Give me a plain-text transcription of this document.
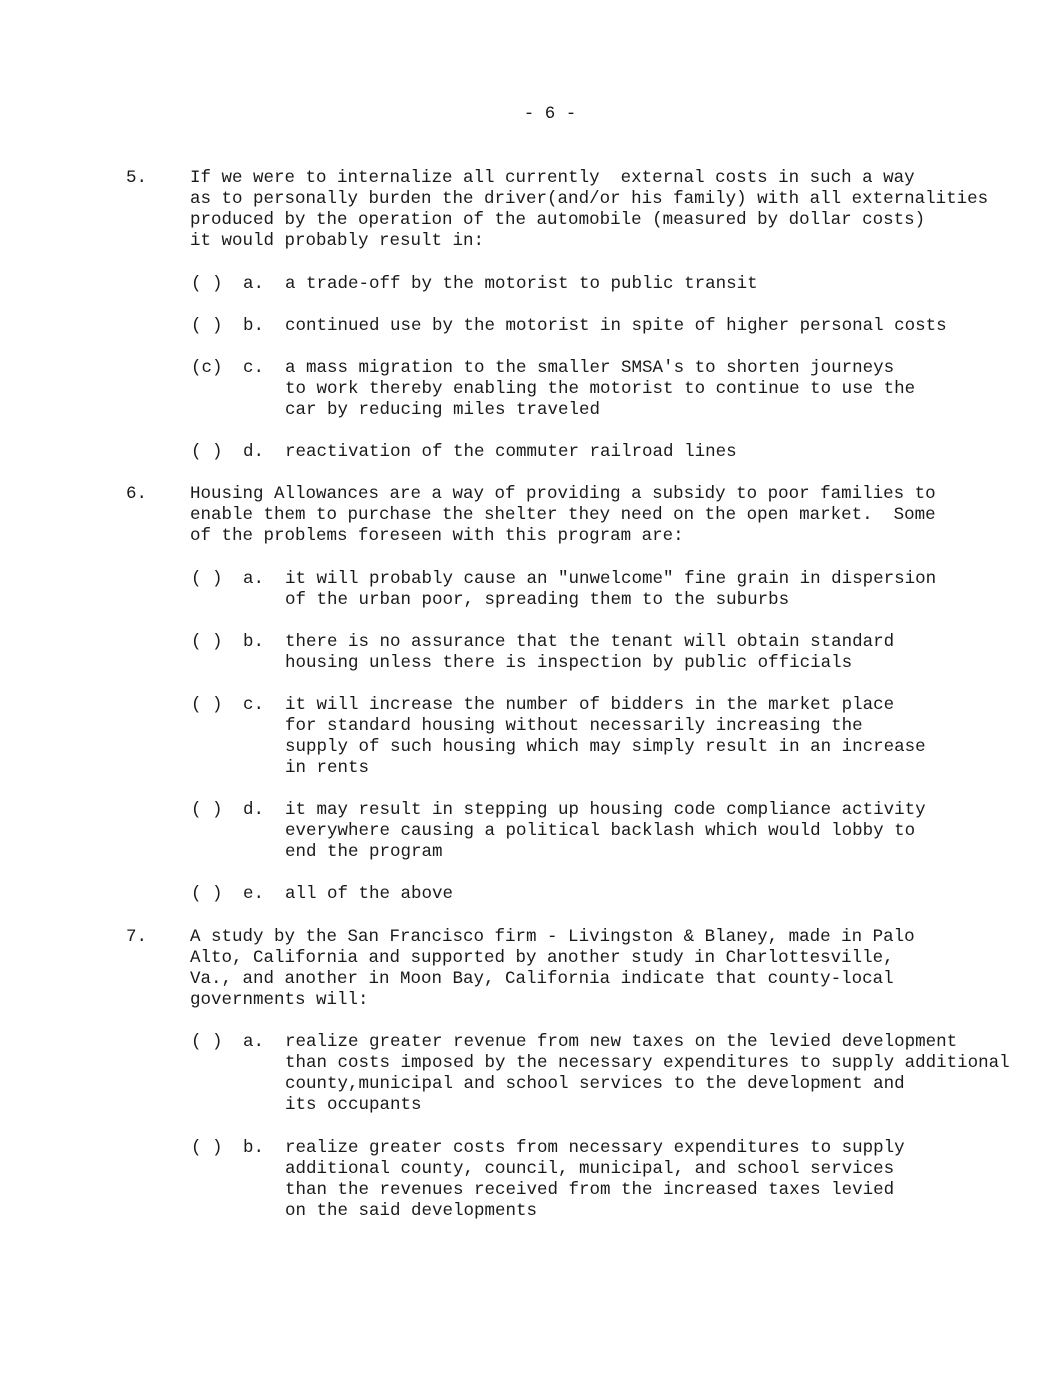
- 6 -
5. If we were to internalize all currently  external costs in such a way
as to personally burden the driver(and/or his family) with all externalities
produced by the operation of the automobile (measured by dollar costs)
it would probably result in:
( ) a. a trade-off by the motorist to public transit
( ) b. continued use by the motorist in spite of higher personal costs
(c) c. a mass migration to the smaller SMSA's to shorten journeys
to work thereby enabling the motorist to continue to use the
car by reducing miles traveled
( ) d. reactivation of the commuter railroad lines
6. Housing Allowances are a way of providing a subsidy to poor families to
enable them to purchase the shelter they need on the open market.  Some
of the problems foreseen with this program are:
( ) a. it will probably cause an "unwelcome" fine grain in dispersion
of the urban poor, spreading them to the suburbs
( ) b. there is no assurance that the tenant will obtain standard
housing unless there is inspection by public officials
( ) c. it will increase the number of bidders in the market place
for standard housing without necessarily increasing the
supply of such housing which may simply result in an increase
in rents
( ) d. it may result in stepping up housing code compliance activity
everywhere causing a political backlash which would lobby to
end the program
( ) e. all of the above
7. A study by the San Francisco firm - Livingston & Blaney, made in Palo
Alto, California and supported by another study in Charlottesville,
Va., and another in Moon Bay, California indicate that county-local
governments will:
( ) a. realize greater revenue from new taxes on the levied development
than costs imposed by the necessary expenditures to supply additional
county,municipal and school services to the development and
its occupants
( ) b. realize greater costs from necessary expenditures to supply
additional county, council, municipal, and school services
than the revenues received from the increased taxes levied
on the said developments
